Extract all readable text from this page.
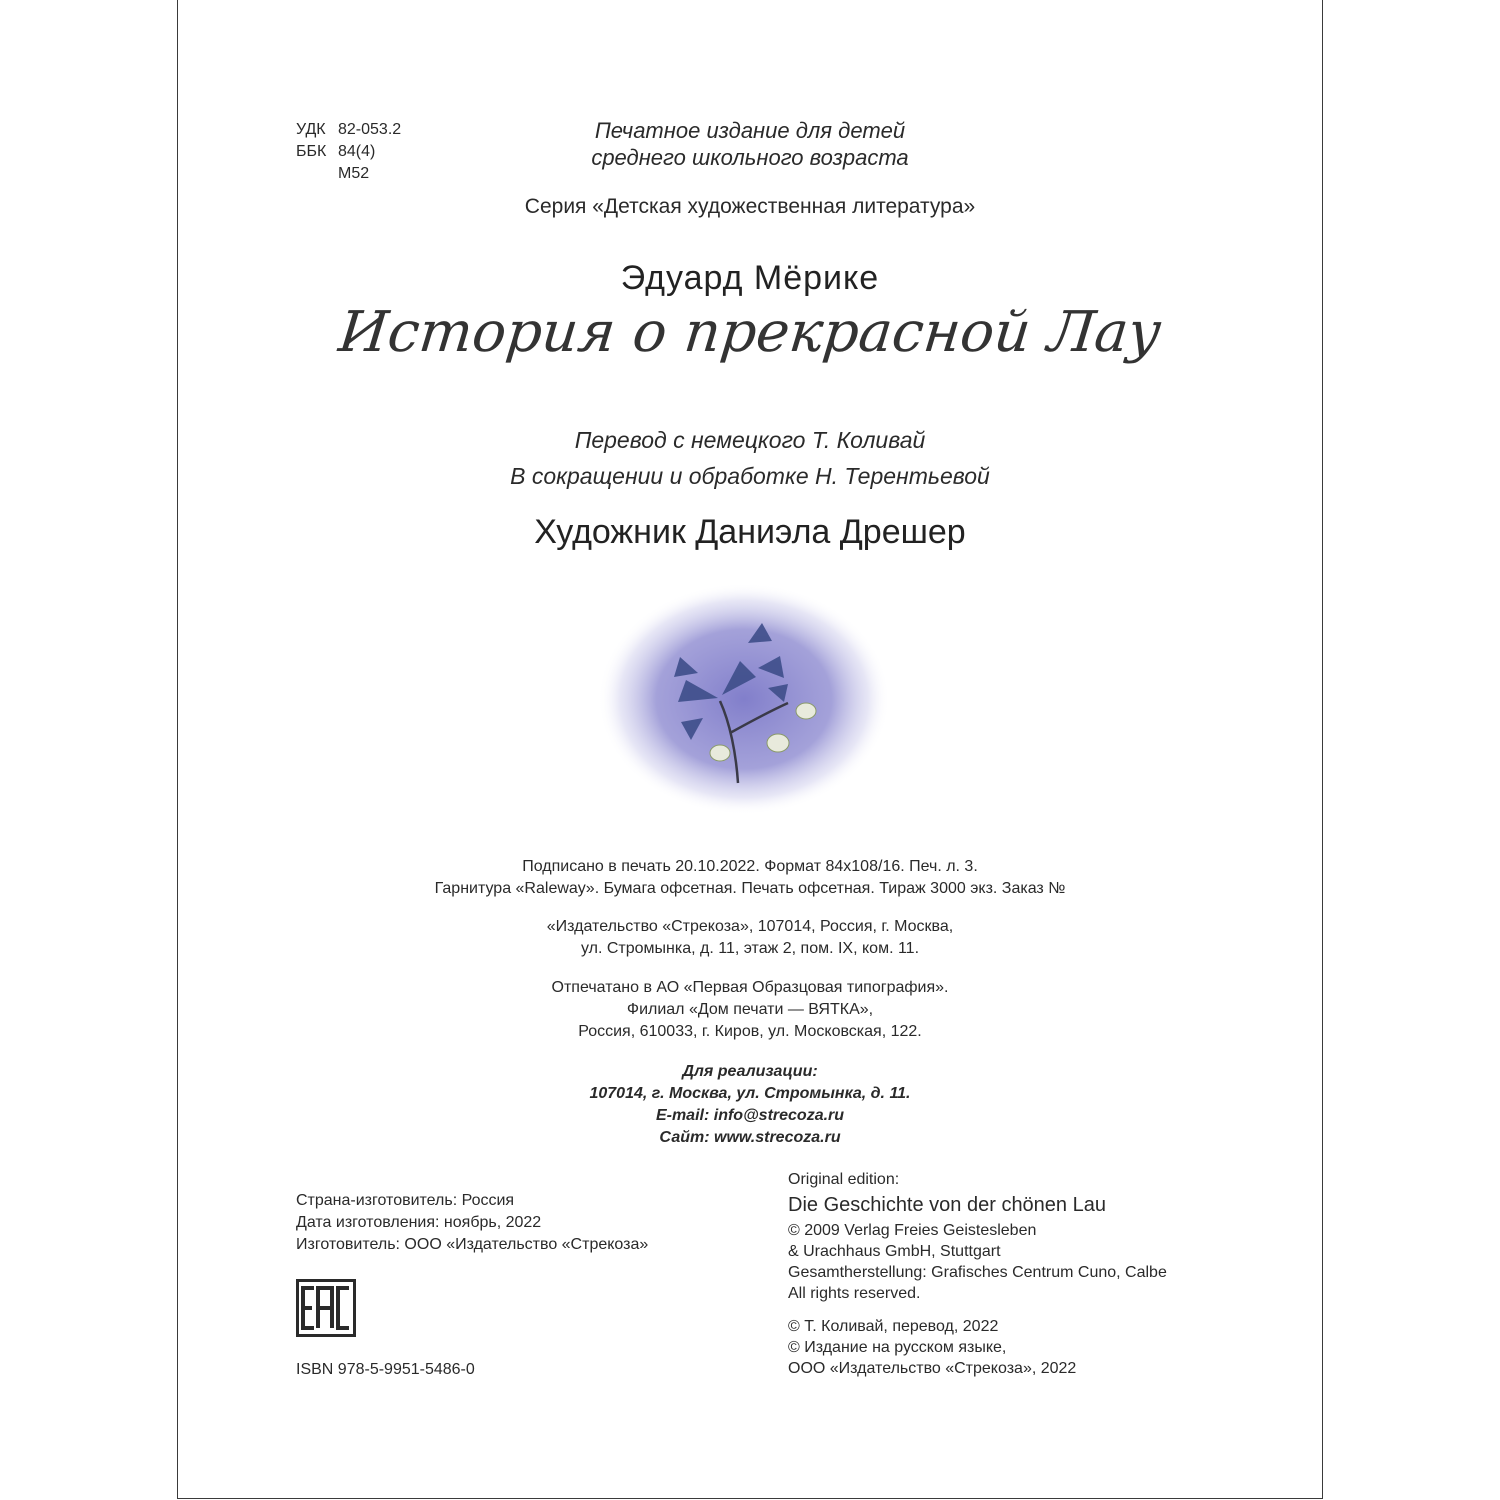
УДК 82-053.2
ББК 84(4)
М52
Печатное издание для детей
среднего школьного возраста
Серия «Детская художественная литература»
Эдуард Мёрике
История о прекрасной Лау
Перевод с немецкого Т. Коливай
В сокращении и обработке Н. Терентьевой
Художник Даниэла Дрешер
Подписано в печать 20.10.2022. Формат 84x108/16. Печ. л. 3.
Гарнитура «Raleway». Бумага офсетная. Печать офсетная. Тираж 3000 экз. Заказ №
«Издательство «Стрекоза», 107014, Россия, г. Москва,
ул. Стромынка, д. 11, этаж 2, пом. IX, ком. 11.
Отпечатано в АО «Первая Образцовая типография».
Филиал «Дом печати — ВЯТКА»,
Россия, 610033, г. Киров, ул. Московская, 122.
Для реализации:
107014, г. Москва, ул. Стромынка, д. 11.
E-mail: info@strecoza.ru
Сайт: www.strecoza.ru
Страна-изготовитель: Россия
Дата изготовления: ноябрь, 2022
Изготовитель: ООО «Издательство «Стрекоза»
ISBN 978-5-9951-5486-0
Original edition:
Die Geschichte von der chönen Lau
© 2009 Verlag Freies Geistesleben
& Urachhaus GmbH, Stuttgart
Gesamtherstellung: Grafisches Centrum Cuno, Calbe
All rights reserved.
© Т. Коливай, перевод, 2022
© Издание на русском языке,
ООО «Издательство «Стрекоза», 2022
